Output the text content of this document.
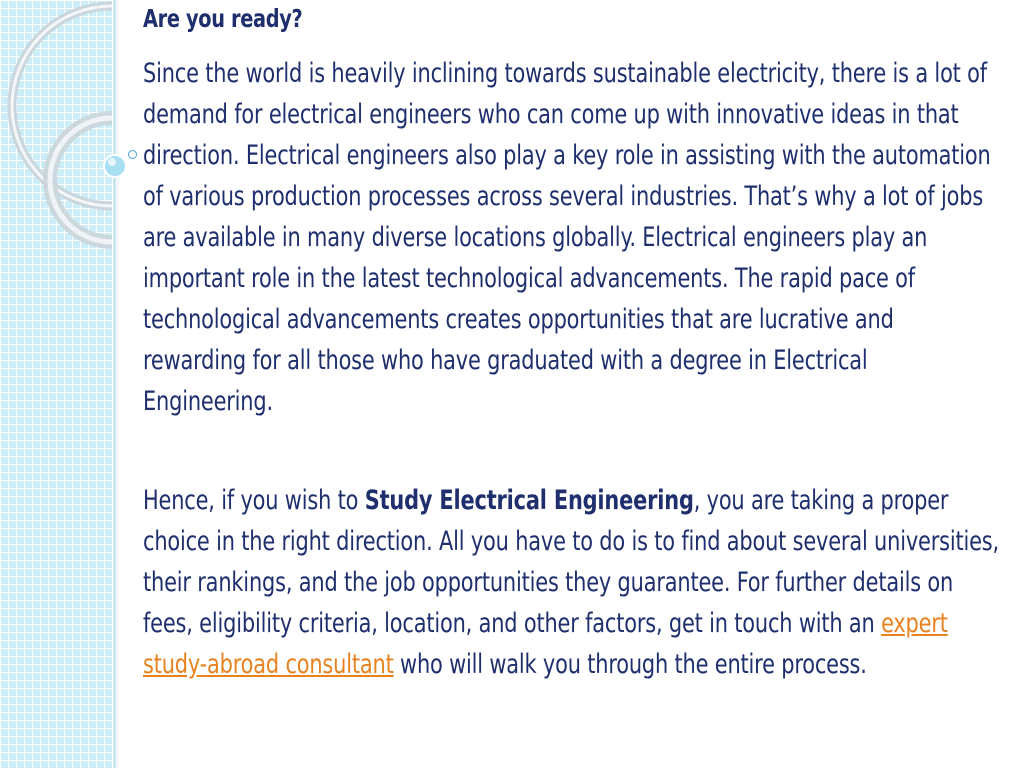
Are you ready?

Since the world is heavily inclining towards sustainable electricity, there is a lot of demand for electrical engineers who can come up with innovative ideas in that direction. Electrical engineers also play a key role in assisting with the automation of various production processes across several industries. That’s why a lot of jobs are available in many diverse locations globally. Electrical engineers play an important role in the latest technological advancements. The rapid pace of technological advancements creates opportunities that are lucrative and rewarding for all those who have graduated with a degree in Electrical Engineering.

Hence, if you wish to Study Electrical Engineering, you are taking a proper choice in the right direction. All you have to do is to find about several universities, their rankings, and the job opportunities they guarantee. For further details on fees, eligibility criteria, location, and other factors, get in touch with an expert study-abroad consultant who will walk you through the entire process.
